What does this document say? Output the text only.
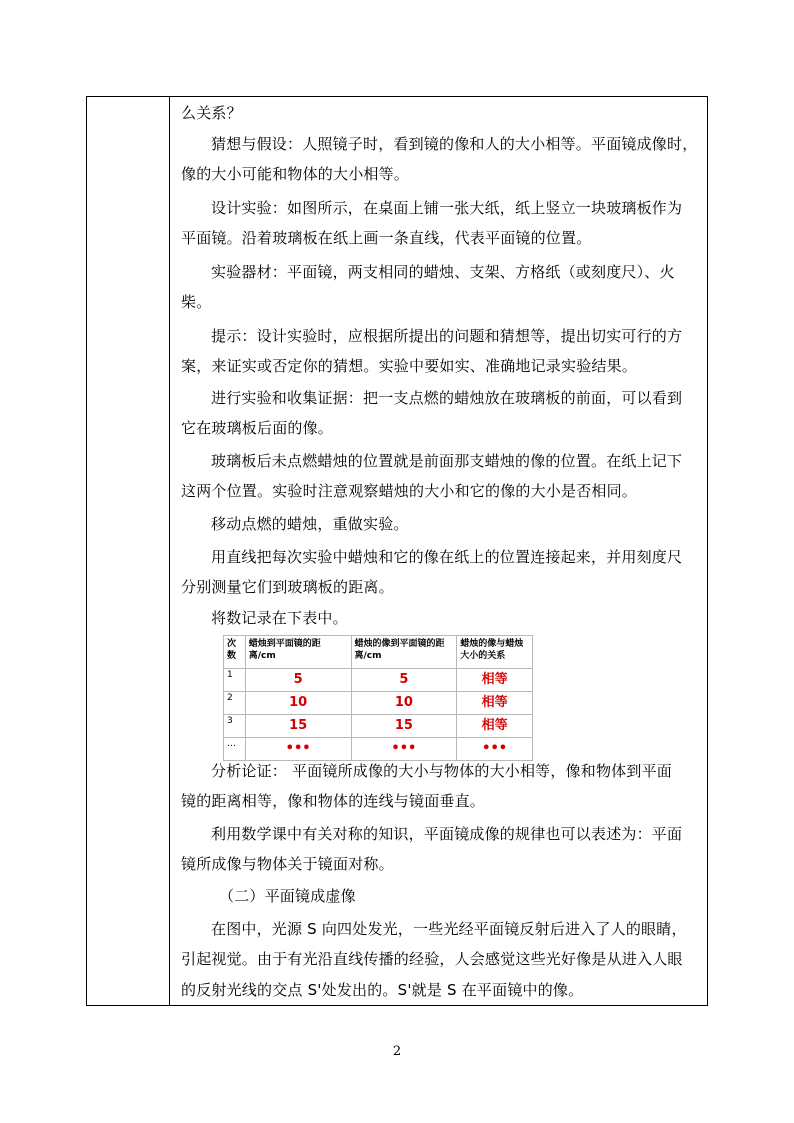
么关系？
猜想与假设：人照镜子时，看到镜的像和人的大小相等。平面镜成像时，
像的大小可能和物体的大小相等。
设计实验：如图所示，在桌面上铺一张大纸，纸上竖立一块玻璃板作为
平面镜。沿着玻璃板在纸上画一条直线，代表平面镜的位置。
实验器材：平面镜，两支相同的蜡烛、支架、方格纸（或刻度尺）、火
柴。
提示：设计实验时，应根据所提出的问题和猜想等，提出切实可行的方
案，来证实或否定你的猜想。实验中要如实、准确地记录实验结果。
进行实验和收集证据：把一支点燃的蜡烛放在玻璃板的前面，可以看到
它在玻璃板后面的像。
玻璃板后未点燃蜡烛的位置就是前面那支蜡烛的像的位置。在纸上记下
这两个位置。实验时注意观察蜡烛的大小和它的像的大小是否相同。
移动点燃的蜡烛，重做实验。
用直线把每次实验中蜡烛和它的像在纸上的位置连接起来，并用刻度尺
分别测量它们到玻璃板的距离。
将数记录在下表中。
次数	蜡烛到平面镜的距离/cm	蜡烛的像到平面镜的距离/cm	蜡烛的像与蜡烛大小的关系
1	5	5	相等
2	10	10	相等
3	15	15	相等
…	•••	•••	•••
分析论证： 平面镜所成像的大小与物体的大小相等，像和物体到平面
镜的距离相等，像和物体的连线与镜面垂直。
利用数学课中有关对称的知识，平面镜成像的规律也可以表述为：平面
镜所成像与物体关于镜面对称。
（二）平面镜成虚像
在图中，光源 S 向四处发光，一些光经平面镜反射后进入了人的眼睛，
引起视觉。由于有光沿直线传播的经验，人会感觉这些光好像是从进入人眼
的反射光线的交点 S'处发出的。S'就是 S 在平面镜中的像。
2
